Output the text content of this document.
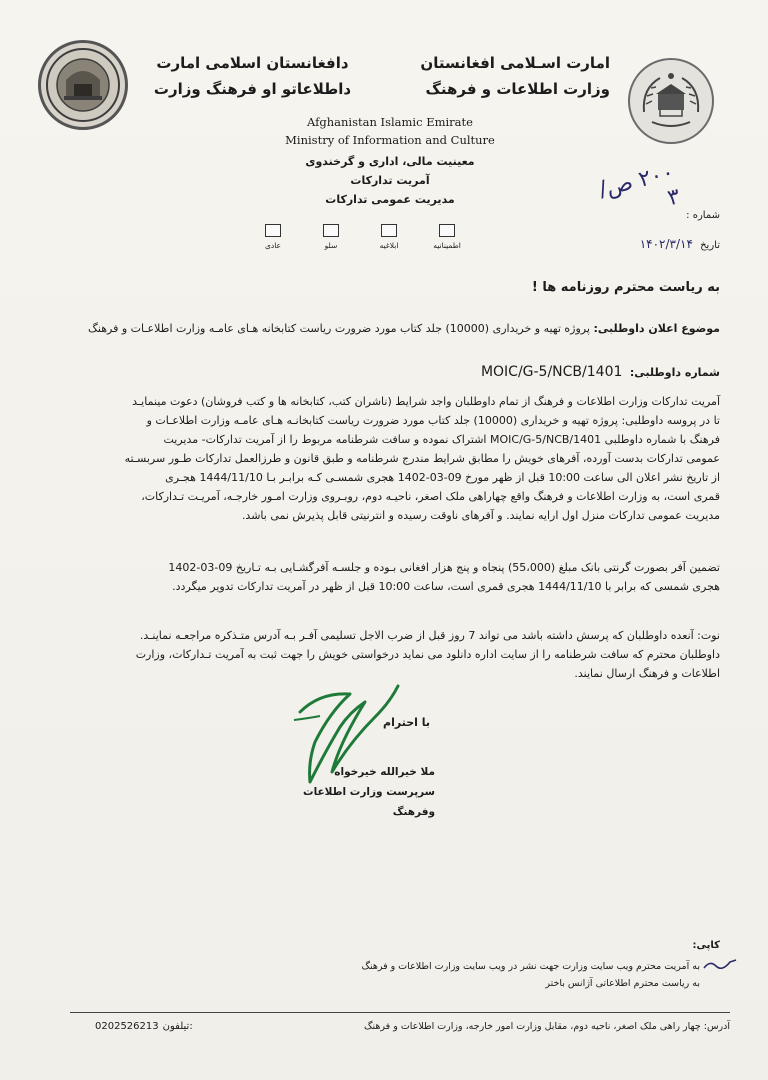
امارت اسـلامی افغانستان
وزارت اطلاعات و فرهنگ
دافغانستان اسلامی امارت
داطلاعاتو او فرهنگ وزارت
Afghanistan Islamic Emirate
Ministry of Information and Culture
معینیت مالی، اداری و گرخندوی
آمریت تدارکات
مدیریت عمومی تدارکات
شماره :
۲۰۰ ص/ ۳
تاریخ ۱۴۰۲/۳/۱۴
اطمینانیه
ابلاغیه
سلو
عادی
به ریاست محترم روزنامه ها !
موضوع اعلان داوطلبی: پروژه تهیه و خریداری (10000) جلد کتاب مورد ضرورت ریاست کتابخانه هـای عامـه وزارت اطلاعـات و فرهنگ
شماره داوطلبی: MOIC/G-5/NCB/1401
آمریت تدارکات وزارت اطلاعات و فرهنگ از تمام داوطلبان واجد شرایط (ناشران کتب، کتابخانه ها و کتب فروشان) دعوت مینمایـد
تا در پروسه داوطلبی: پروژه تهیه و خریداری (10000) جلد کتاب مورد ضرورت ریاست کتابخانـه هـای عامـه وزارت اطلاعـات و
فرهنگ با شماره داوطلبی MOIC/G-5/NCB/1401 اشتراک نموده و سافت شرطنامه مربوط را از آمریت تدارکات- مدیریت
عمومی تدارکات بدست آورده، آفرهای خویش را مطابق شرایط مندرج شرطنامه و طبق قانون و طرزالعمل تدارکات طـور سربسـته
از تاریخ نشر اعلان الی ساعت 10:00 قبل از ظهر مورخ 09-03-1402 هجری شمسـی کـه برابـر بـا 1444/11/10 هجـری
قمری است، به وزارت اطلاعات و فرهنگ واقع چهاراهی ملک اصغر، ناحیـه دوم، روبـروی وزارت امـور خارجـه، آمریـت تـدارکات،
مدیریت عمومی تدارکات منزل اول ارایه نمایند. و آفرهای ناوقت رسیده و انترنیتی قابل پذیرش نمی باشد.
تضمین آفر بصورت گرنتی بانک مبلغ (55،000) پنجاه و پنج هزار افغانی بـوده و جلسـه آفرگشـایی بـه تـاریخ 09-03-1402
هجری شمسی که برابر با 1444/11/10 هجری قمری است، ساعت 10:00 قبل از ظهر در آمریت تدارکات تدویر میگردد.
نوت: آنعده داوطلبان که پرسش داشته باشد می تواند 7 روز قبل از ضرب الاجل تسلیمی آفـر بـه آدرس متـذکره مراجعـه نماینـد.
داوطلبان محترم که سافت شرطنامه را از سایت اداره دانلود می نماید درخواستی خویش را جهت ثبت به آمریت تـدارکات، وزارت
اطلاعات و فرهنگ ارسال نمایند.
با احترام
ملا خیرالله خیرخواه
سرپرست وزارت اطلاعات وفرهنگ
کاپی:
به آمریت محترم ویب سایت وزارت جهت نشر در ویب سایت وزارت اطلاعات و فرهنگ
به ریاست محترم اطلاعاتی آژانس باختر
آدرس: چهار راهی ملک اصغر، ناحیه دوم، مقابل وزارت امور خارجه، وزارت اطلاعات و فرهنگ
تیلفون:
0202526213
